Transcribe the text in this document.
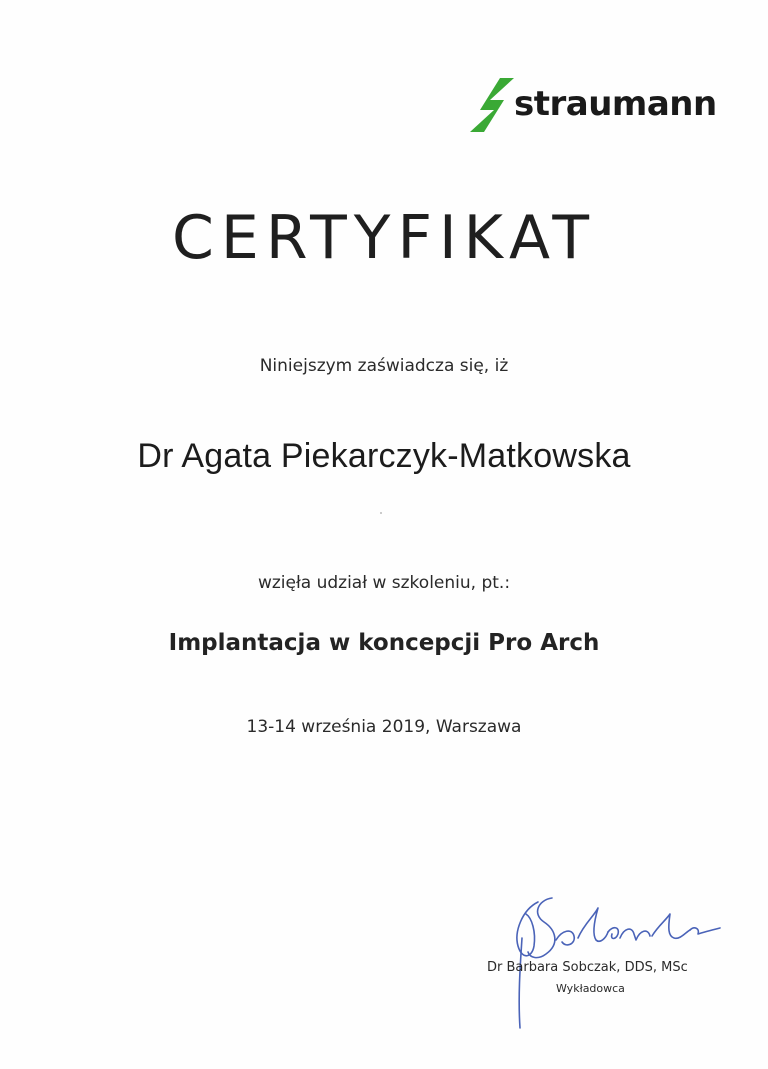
straumann
CERTYFIKAT
Niniejszym zaświadcza się, iż
Dr Agata Piekarczyk-Matkowska
wzięła udział w szkoleniu, pt.:
Implantacja w koncepcji Pro Arch
13-14 września 2019, Warszawa
Dr Barbara Sobczak, DDS, MSc
Wykładowca
